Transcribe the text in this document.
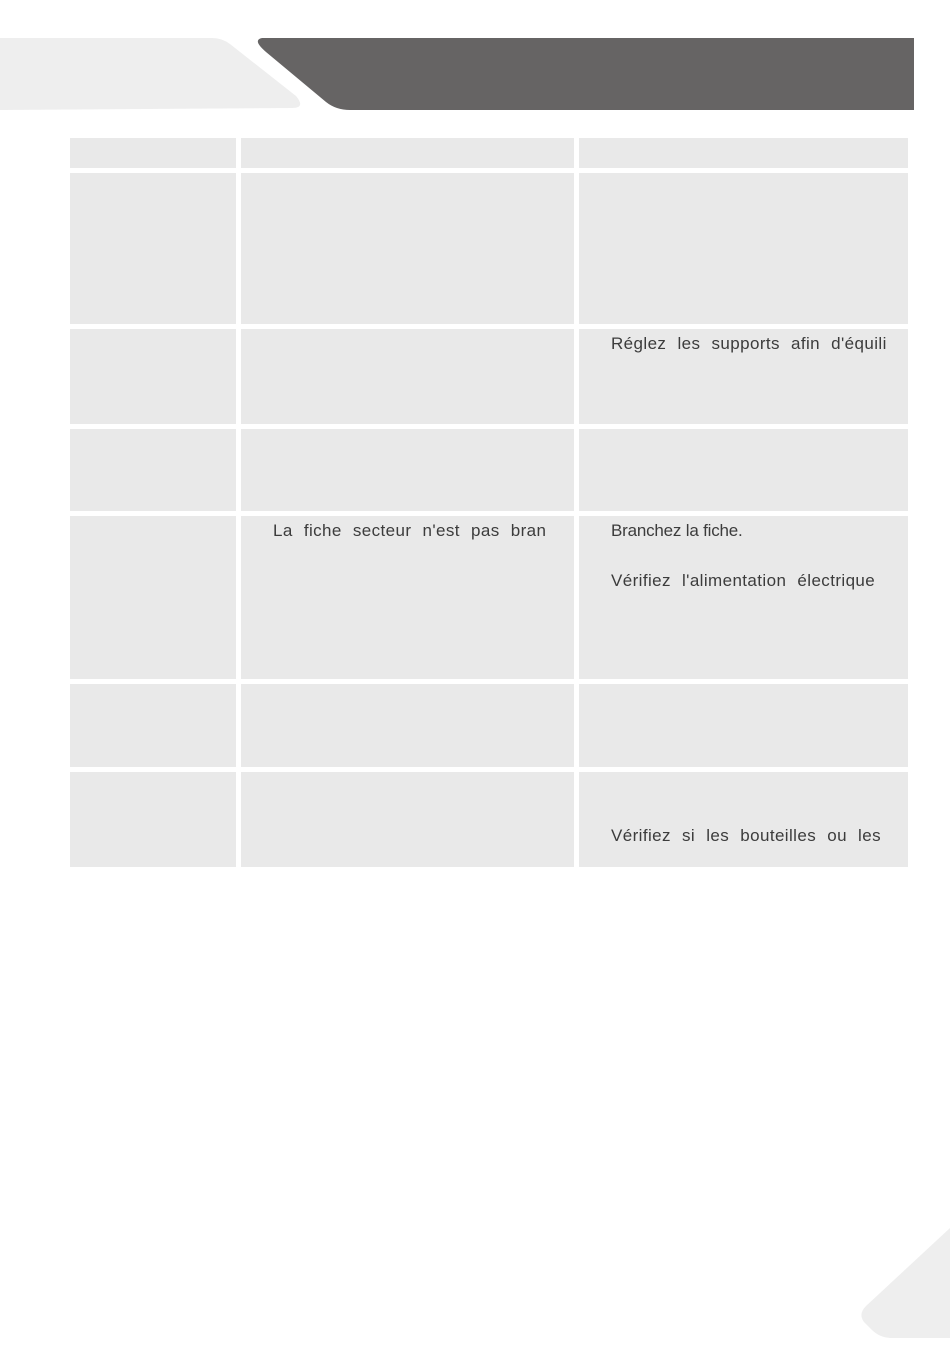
Réglez les supports afin d'équili
La fiche secteur n'est pas bran	Branchez la fiche.
Vérifiez l'alimentation électrique
Vérifiez si les bouteilles ou les
